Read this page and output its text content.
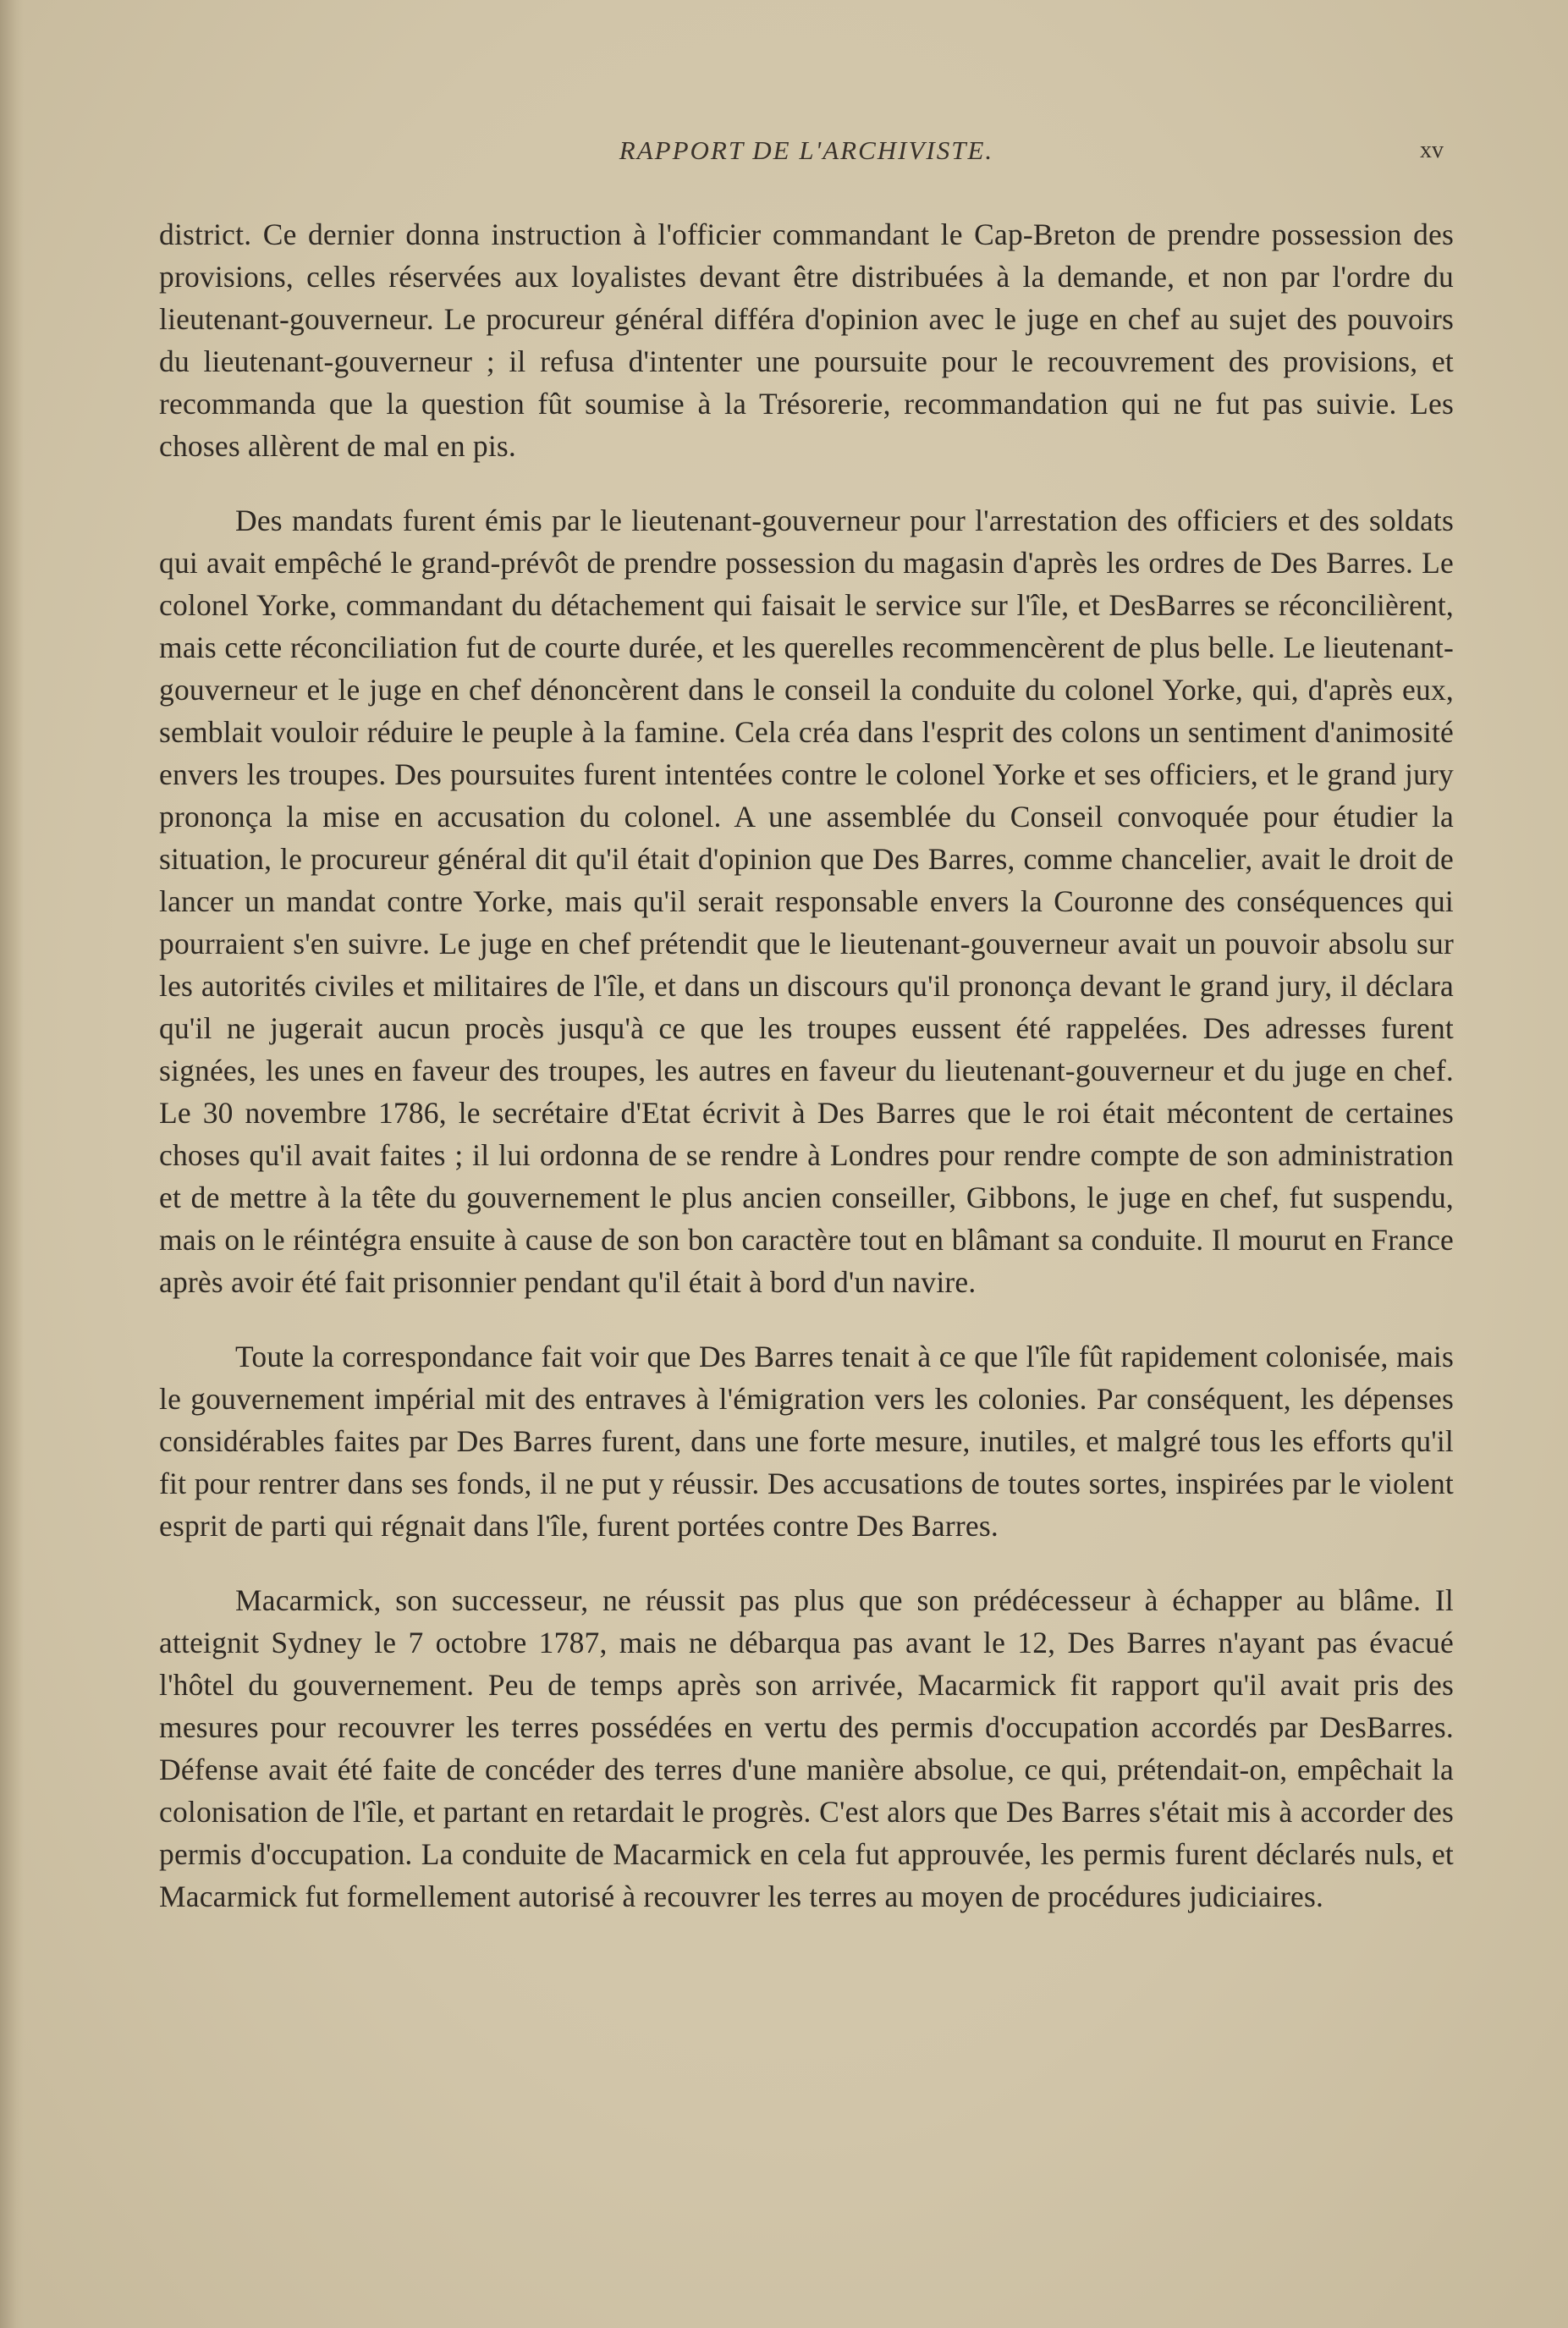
RAPPORT DE L'ARCHIVISTE.	xv

district. Ce dernier donna instruction à l'officier commandant le Cap-Breton de prendre possession des provisions, celles réservées aux loyalistes devant être distribuées à la demande, et non par l'ordre du lieutenant-gouverneur. Le procureur général différa d'opinion avec le juge en chef au sujet des pouvoirs du lieutenant-gouverneur ; il refusa d'intenter une poursuite pour le recouvrement des provisions, et recommanda que la question fût soumise à la Trésorerie, recommandation qui ne fut pas suivie. Les choses allèrent de mal en pis.

Des mandats furent émis par le lieutenant-gouverneur pour l'arrestation des officiers et des soldats qui avait empêché le grand-prévôt de prendre possession du magasin d'après les ordres de Des Barres. Le colonel Yorke, commandant du détachement qui faisait le service sur l'île, et DesBarres se réconcilièrent, mais cette réconciliation fut de courte durée, et les querelles recommencèrent de plus belle. Le lieutenant-gouverneur et le juge en chef dénoncèrent dans le conseil la conduite du colonel Yorke, qui, d'après eux, semblait vouloir réduire le peuple à la famine. Cela créa dans l'esprit des colons un sentiment d'animosité envers les troupes. Des poursuites furent intentées contre le colonel Yorke et ses officiers, et le grand jury prononça la mise en accusation du colonel. A une assemblée du Conseil convoquée pour étudier la situation, le procureur général dit qu'il était d'opinion que Des Barres, comme chancelier, avait le droit de lancer un mandat contre Yorke, mais qu'il serait responsable envers la Couronne des conséquences qui pourraient s'en suivre. Le juge en chef prétendit que le lieutenant-gouverneur avait un pouvoir absolu sur les autorités civiles et militaires de l'île, et dans un discours qu'il prononça devant le grand jury, il déclara qu'il ne jugerait aucun procès jusqu'à ce que les troupes eussent été rappelées. Des adresses furent signées, les unes en faveur des troupes, les autres en faveur du lieutenant-gouverneur et du juge en chef. Le 30 novembre 1786, le secrétaire d'Etat écrivit à Des Barres que le roi était mécontent de certaines choses qu'il avait faites ; il lui ordonna de se rendre à Londres pour rendre compte de son administration et de mettre à la tête du gouvernement le plus ancien conseiller, Gibbons, le juge en chef, fut suspendu, mais on le réintégra ensuite à cause de son bon caractère tout en blâmant sa conduite. Il mourut en France après avoir été fait prisonnier pendant qu'il était à bord d'un navire.

Toute la correspondance fait voir que Des Barres tenait à ce que l'île fût rapidement colonisée, mais le gouvernement impérial mit des entraves à l'émigration vers les colonies. Par conséquent, les dépenses considérables faites par Des Barres furent, dans une forte mesure, inutiles, et malgré tous les efforts qu'il fit pour rentrer dans ses fonds, il ne put y réussir. Des accusations de toutes sortes, inspirées par le violent esprit de parti qui régnait dans l'île, furent portées contre Des Barres.

Macarmick, son successeur, ne réussit pas plus que son prédécesseur à échapper au blâme. Il atteignit Sydney le 7 octobre 1787, mais ne débarqua pas avant le 12, Des Barres n'ayant pas évacué l'hôtel du gouvernement. Peu de temps après son arrivée, Macarmick fit rapport qu'il avait pris des mesures pour recouvrer les terres possédées en vertu des permis d'occupation accordés par DesBarres. Défense avait été faite de concéder des terres d'une manière absolue, ce qui, prétendait-on, empêchait la colonisation de l'île, et partant en retardait le progrès. C'est alors que Des Barres s'était mis à accorder des permis d'occupation. La conduite de Macarmick en cela fut approuvée, les permis furent déclarés nuls, et Macarmick fut formellement autorisé à recouvrer les terres au moyen de procédures judiciaires.
